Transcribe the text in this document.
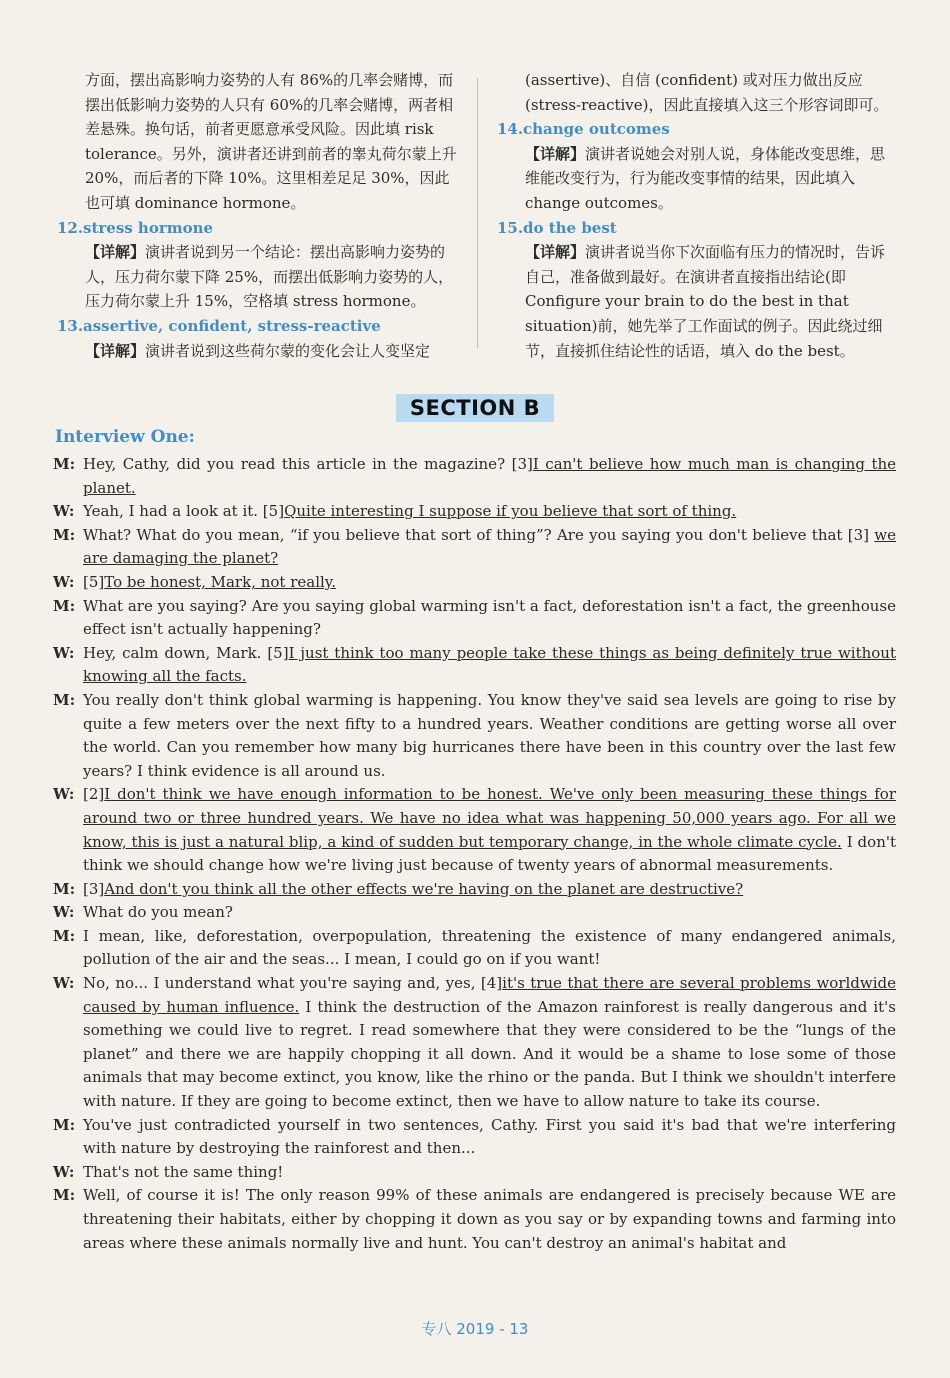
方面，摆出高影响力姿势的人有 86%的几率会赌博，而摆出低影响力姿势的人只有 60%的几率会赌博，两者相差悬殊。换句话，前者更愿意承受风险。因此填 risk tolerance。另外，演讲者还讲到前者的睾丸荷尔蒙上升 20%，而后者的下降 10%。这里相差足足 30%，因此也可填 dominance hormone。

12.stress hormone

【详解】演讲者说到另一个结论：摆出高影响力姿势的人，压力荷尔蒙下降 25%，而摆出低影响力姿势的人，压力荷尔蒙上升 15%，空格填 stress hormone。

13.assertive, confident, stress-reactive

【详解】演讲者说到这些荷尔蒙的变化会让人变坚定

(assertive)、自信 (confident) 或对压力做出反应 (stress-reactive)，因此直接填入这三个形容词即可。

14.change outcomes

【详解】演讲者说她会对别人说，身体能改变思维，思维能改变行为，行为能改变事情的结果，因此填入 change outcomes。

15.do the best

【详解】演讲者说当你下次面临有压力的情况时，告诉自己，准备做到最好。在演讲者直接指出结论(即 Configure your brain to do the best in that situation)前，她先举了工作面试的例子。因此绕过细节，直接抓住结论性的话语，填入 do the best。

SECTION B
Interview One:
M: Hey, Cathy, did you read this article in the magazine? [3]I can't believe how much man is changing the planet.
W: Yeah, I had a look at it. [5]Quite interesting I suppose if you believe that sort of thing.
M: What? What do you mean, “if you believe that sort of thing”? Are you saying you don't believe that [3] we are damaging the planet?
W: [5]To be honest, Mark, not really.
M: What are you saying? Are you saying global warming isn't a fact, deforestation isn't a fact, the greenhouse effect isn't actually happening?
W: Hey, calm down, Mark. [5]I just think too many people take these things as being definitely true without knowing all the facts.
M: You really don't think global warming is happening. You know they've said sea levels are going to rise by quite a few meters over the next fifty to a hundred years. Weather conditions are getting worse all over the world. Can you remember how many big hurricanes there have been in this country over the last few years? I think evidence is all around us.
W: [2]I don't think we have enough information to be honest. We've only been measuring these things for around two or three hundred years. We have no idea what was happening 50,000 years ago. For all we know, this is just a natural blip, a kind of sudden but temporary change, in the whole climate cycle. I don't think we should change how we're living just because of twenty years of abnormal measurements.
M: [3]And don't you think all the other effects we're having on the planet are destructive?
W: What do you mean?
M: I mean, like, deforestation, overpopulation, threatening the existence of many endangered animals, pollution of the air and the seas... I mean, I could go on if you want!
W: No, no... I understand what you're saying and, yes, [4]it's true that there are several problems worldwide caused by human influence. I think the destruction of the Amazon rainforest is really dangerous and it's something we could live to regret. I read somewhere that they were considered to be the “lungs of the planet” and there we are happily chopping it all down. And it would be a shame to lose some of those animals that may become extinct, you know, like the rhino or the panda. But I think we shouldn't interfere with nature. If they are going to become extinct, then we have to allow nature to take its course.
M: You've just contradicted yourself in two sentences, Cathy. First you said it's bad that we're interfering with nature by destroying the rainforest and then...
W: That's not the same thing!
M: Well, of course it is! The only reason 99% of these animals are endangered is precisely because WE are threatening their habitats, either by chopping it down as you say or by expanding towns and farming into areas where these animals normally live and hunt. You can't destroy an animal's habitat and
专八 2019 - 13
